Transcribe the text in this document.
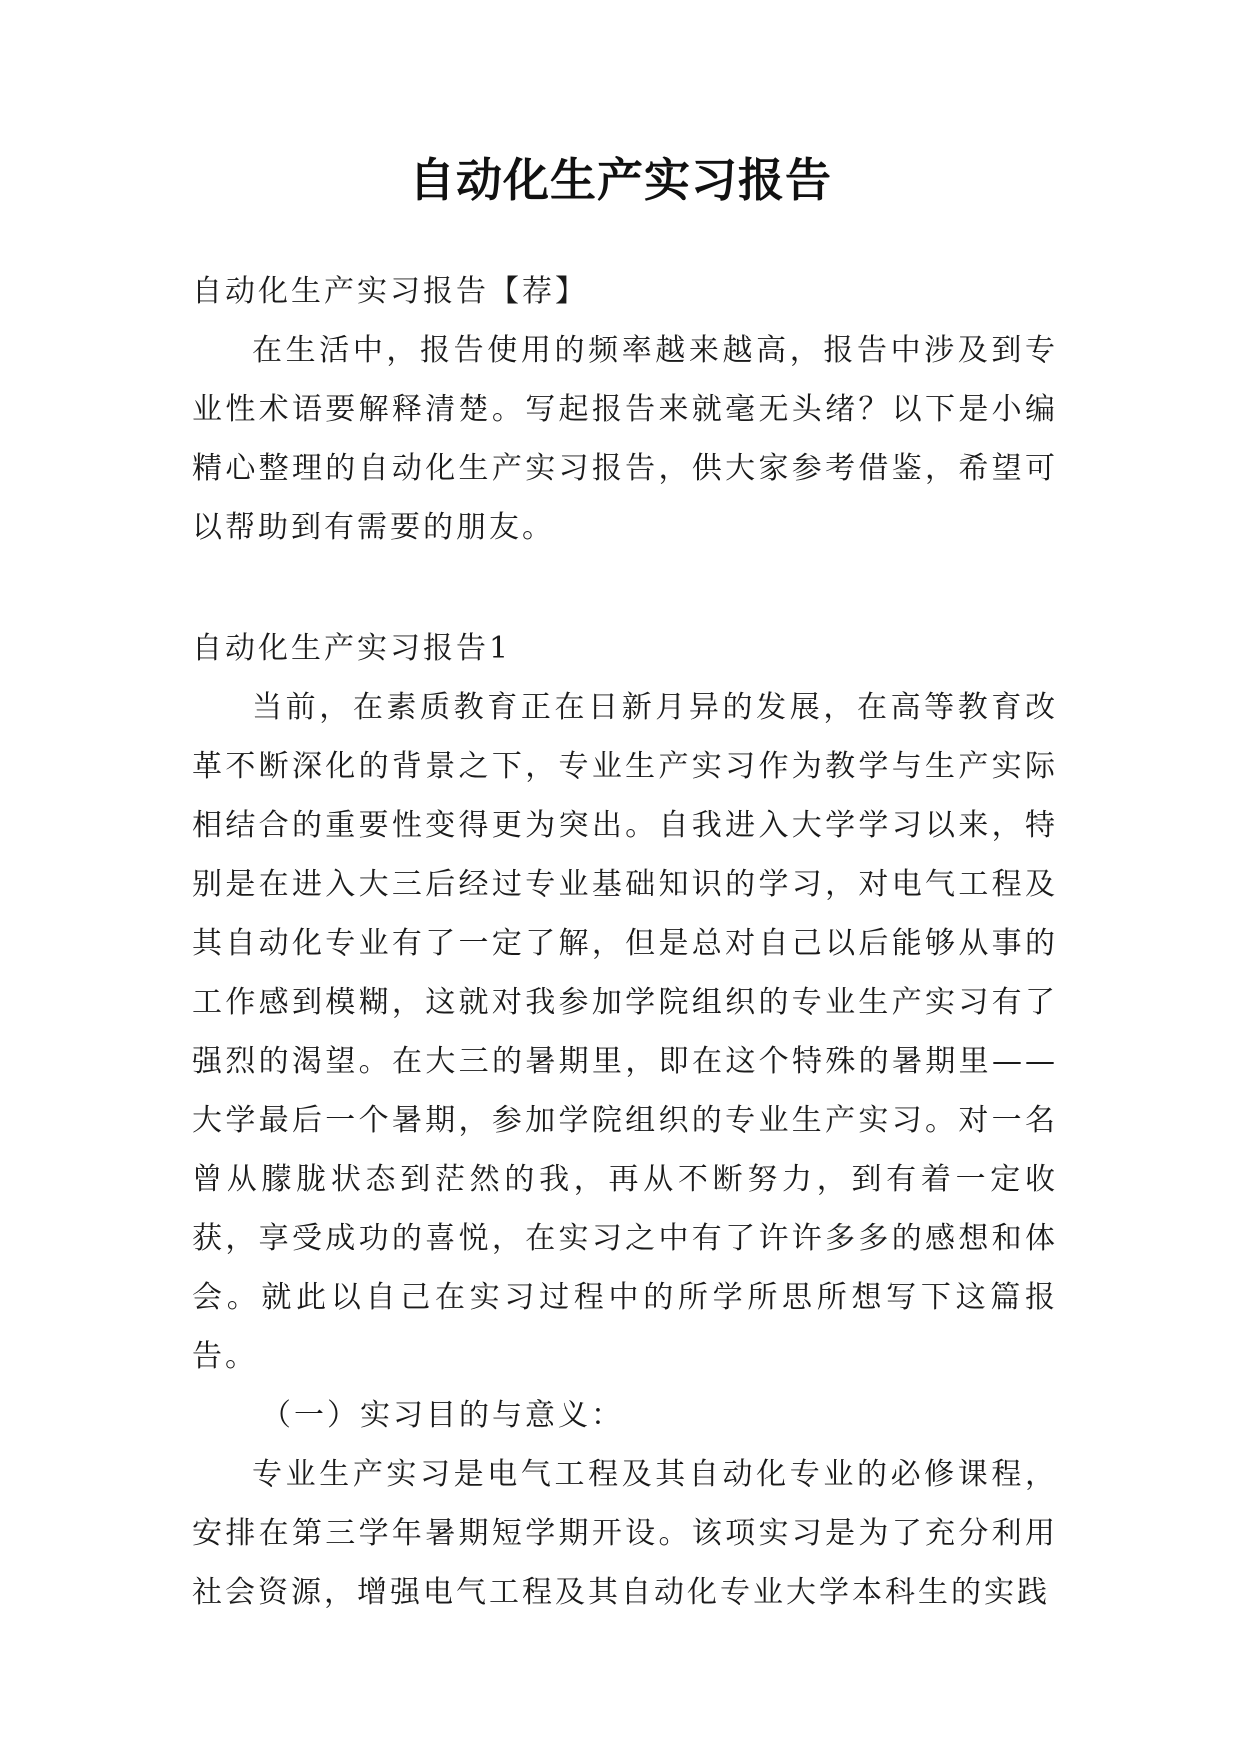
自动化生产实习报告

自动化生产实习报告【荐】

在生活中，报告使用的频率越来越高，报告中涉及到专业性术语要解释清楚。写起报告来就毫无头绪？以下是小编精心整理的自动化生产实习报告，供大家参考借鉴，希望可以帮助到有需要的朋友。

自动化生产实习报告1

当前，在素质教育正在日新月异的发展，在高等教育改革不断深化的背景之下，专业生产实习作为教学与生产实际相结合的重要性变得更为突出。自我进入大学学习以来，特别是在进入大三后经过专业基础知识的学习，对电气工程及其自动化专业有了一定了解，但是总对自己以后能够从事的工作感到模糊，这就对我参加学院组织的专业生产实习有了强烈的渴望。在大三的暑期里，即在这个特殊的暑期里——大学最后一个暑期，参加学院组织的专业生产实习。对一名曾从朦胧状态到茫然的我，再从不断努力，到有着一定收获，享受成功的喜悦，在实习之中有了许许多多的感想和体会。就此以自己在实习过程中的所学所思所想写下这篇报告。

（一）实习目的与意义：

专业生产实习是电气工程及其自动化专业的必修课程，安排在第三学年暑期短学期开设。该项实习是为了充分利用社会资源，增强电气工程及其自动化专业大学本科生的实践
